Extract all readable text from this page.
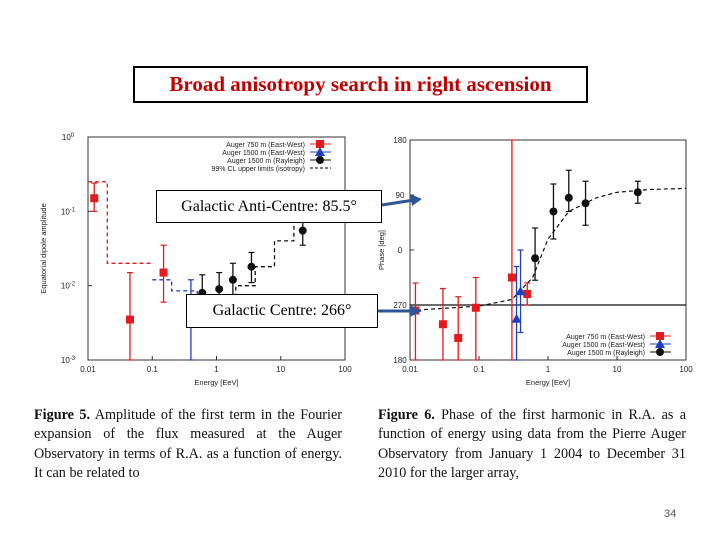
Broad anisotropy search in right ascension
0.01	0.1	1	10	100
$10^{-3}$
$10^{-2}$
$10^{-1}$
$10^0$
Energy [EeV]
Equatorial dipole amplitude
Auger 750 m (East-West)
Auger 1500 m (East-West)
Auger 1500 m (Rayleigh)
99% CL upper limits (isotropy)
0.01	0.1	1	10	100
180
90
0
270
180
Energy [EeV]
Phase [deg]
Auger 750 m (East-West)
Auger 1500 m (East-West)
Auger 1500 m (Rayleigh)
Galactic Anti-Centre: 85.5°
Galactic Centre: 266°
Figure 5. Amplitude of the first term in the Fourier expansion of the flux measured at the Auger Observatory in terms of R.A. as a function of energy. It can be related to
Figure 6. Phase of the first harmonic in R.A. as a function of energy using data from the Pierre Auger Observatory from January 1 2004 to December 31 2010 for the larger array,
34
